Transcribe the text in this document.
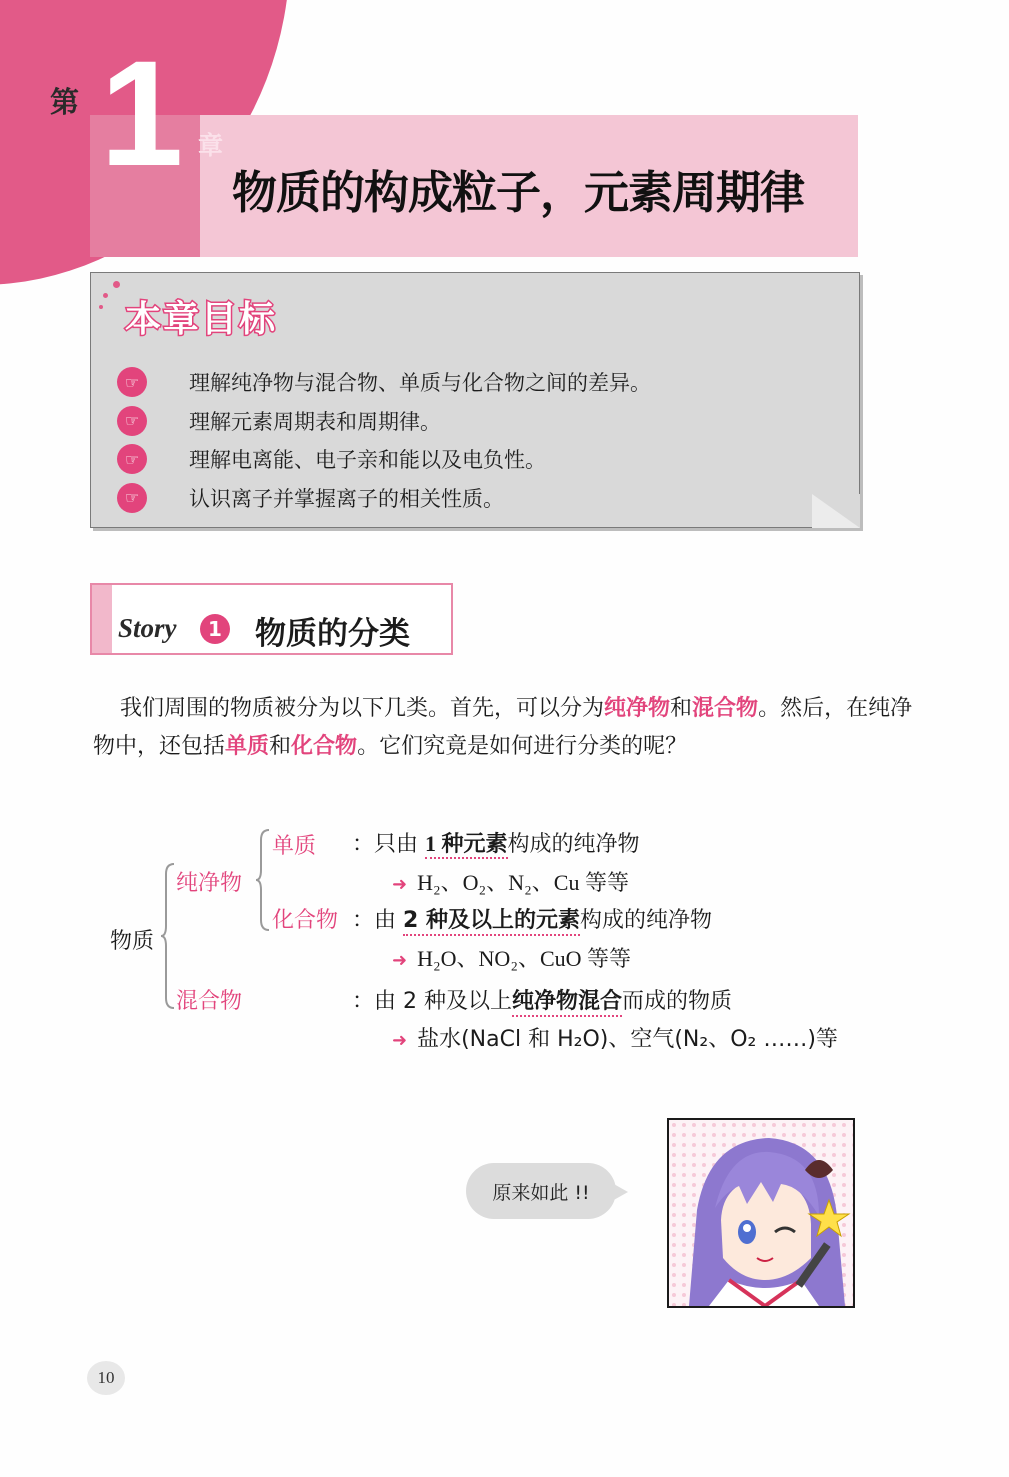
第 1 章
物质的构成粒子，元素周期律
本章目标
☞	理解纯净物与混合物、单质与化合物之间的差异。
☞	理解元素周期表和周期律。
☞	理解电离能、电子亲和能以及电负性。
☞	认识离子并掌握离子的相关性质。
Story	1 物质的分类
我们周围的物质被分为以下几类。首先，可以分为纯净物和混合物。然后，在纯净物中，还包括单质和化合物。它们究竟是如何进行分类的呢？
物质
纯净物
混合物
单质
化合物
：只由 1 种元素构成的纯净物
➜ H₂、O₂、N₂、Cu 等等
：由 2 种及以上的元素构成的纯净物
➜ H₂O、NO₂、CuO 等等
：由 2 种及以上纯净物混合而成的物质
➜ 盐水(NaCl 和 H₂O)、空气(N₂、O₂ ……)等
原来如此 !!
10
